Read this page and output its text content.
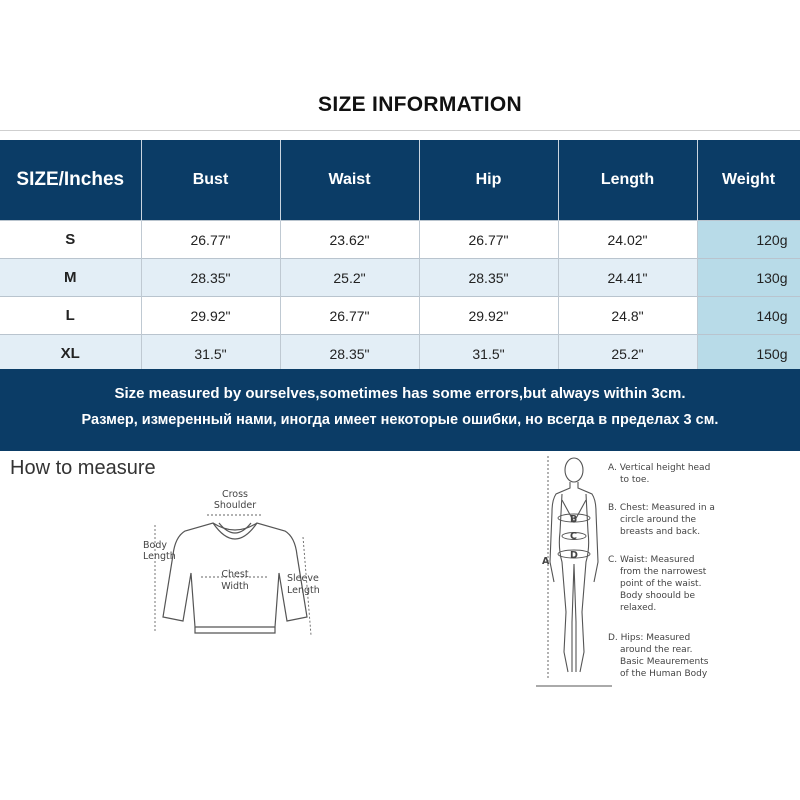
SIZE INFORMATION
SIZE/Inches	Bust	Waist	Hip	Length	Weight
S	26.77"	23.62"	26.77"	24.02"	120g
M	28.35"	25.2"	28.35"	24.41"	130g
L	29.92"	26.77"	29.92"	24.8"	140g
XL	31.5"	28.35"	31.5"	25.2"	150g

Size measured by ourselves,sometimes has some errors,but always within 3cm.

Размер, измеренный нами, иногда имеет некоторые ошибки, но всегда в пределах 3 см.

How to measure
Cross
Shoulder
Body
Length
Chest
Width
Sleeve
Length
A
B
C
D
A. Vertical height head
to toe.
B. Chest: Measured in a
circle around the
breasts and back.
C. Waist: Measured
from the narrowest
point of the waist.
Body shoould be
relaxed.
D. Hips: Measured
around the rear.
Basic Meaurements
of the Human Body
